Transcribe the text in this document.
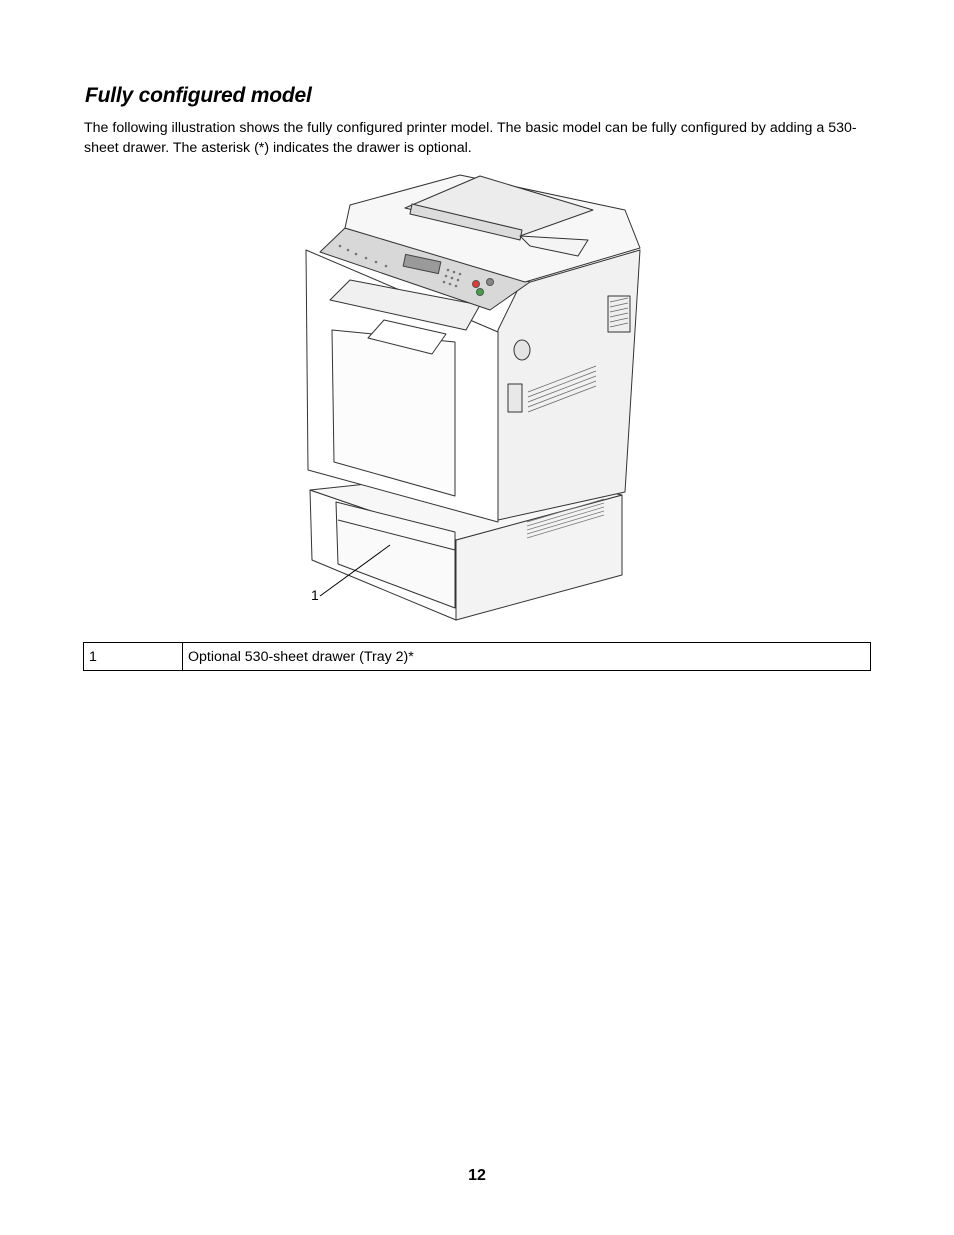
Fully configured model

The following illustration shows the fully configured printer model. The basic model can be fully configured by adding a 530-sheet drawer. The asterisk (*) indicates the drawer is optional.

1
1	Optional 530-sheet drawer (Tray 2)*
12
